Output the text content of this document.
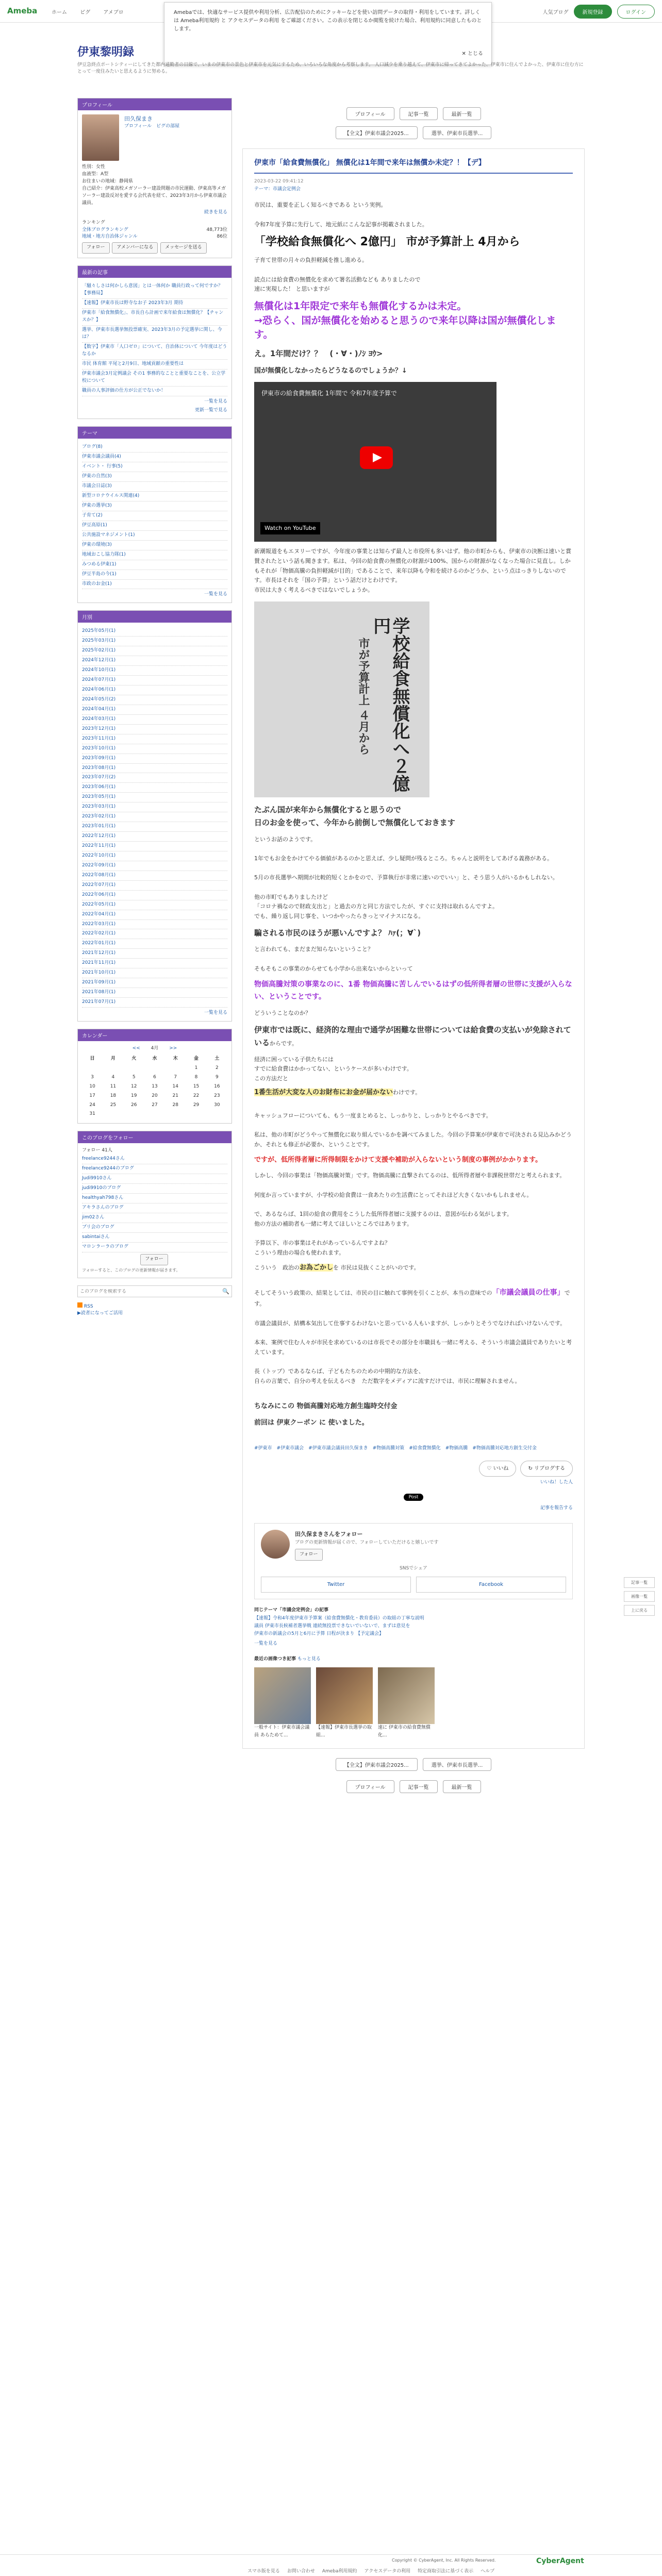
Ameba	ホーム	ピグ	アメブロ	人気ブログ	新規登録	ログイン
Amebaでは、快適なサービス提供や利用分析、広告配信のためにクッキーなどを使い訪問データの取得・利用をしています。詳しくは Ameba利用規約 と アクセスデータの利用 をご確認ください。この表示を閉じるか閲覧を続けた場合、利用規約に同意したものとします。
✕ とじる
伊東黎明録
伊豆急終点ポートシティーにしてきた都内通勤者の目線で、いまの伊東市の景色と伊東市を元気にするため、いろいろな角度から考察します。 人口減少を乗り越えて、伊東市に帰ってきてよかった、伊東市に住んでよかった、伊東市に住む方にとって一度住みたいと思えるように努める。
プロフィール
田久保まき
プロフィール　ピグの部屋
性別：女性
血液型：A型
お住まいの地域：静岡県
自己紹介：伊東高校メガソーラー建設問題の市民運動、伊東高等メガソーラー建設反対を愛する会代表を経て、2023年3月から伊東市議会議員。
続きを見る
ランキング
全体ブログランキング	48,773位
地域・地方自治体ジャンル	86位
フォロー	アメンバーになる	メッセージを送る
最新の記事
「騒々しさは何かしら意図」とは一体何か 職員行政って何ですか？【事務局】
【速報】伊東市長は野寺なお子 2023年3月 期待
伊東市「給食無償化」、市長自ら計画で来年給食は無償化？【チャンスか？】
選挙、伊東市長選挙無投票確実、2023年3月の予定選挙に関し、今は？
【数字】伊東市「人口ゼロ」について、自治体について 今年度はどうなるか
市民 体育館 平尾と2月9日、地域貢献の重要性は
伊東市議会3月定例議会 その1 事務的なことと重要なことを、公立学校について
職員の人事評価の仕方が公正でないか！
一覧を見る
更新一覧で見る
テーマ
ブログ(8)
伊東市議会議員(4)
イベント・ 行事(5)
伊東の自然(3)
市議会日誌(3)
新型コロナウイルス関連(4)
伊東の選挙(3)
子育て(2)
伊豆高原(1)
公共施設マネジメント(1)
伊東の環境(3)
地域おこし協力隊(1)
みつめる伊東(1)
伊豆半島の今(1)
市政のお金(1)
一覧を見る
月別
2025年05月(1)
2025年03月(1)
2025年02月(1)
2024年12月(1)
2024年10月(1)
2024年07月(1)
2024年06月(1)
2024年05月(2)
2024年04月(1)
2024年03月(1)
2023年12月(1)
2023年11月(1)
2023年10月(1)
2023年09月(1)
2023年08月(1)
2023年07月(2)
2023年06月(1)
2023年05月(1)
2023年03月(1)
2023年02月(1)
2023年01月(1)
2022年12月(1)
2022年11月(1)
2022年10月(1)
2022年09月(1)
2022年08月(1)
2022年07月(1)
2022年06月(1)
2022年05月(1)
2022年04月(1)
2022年03月(1)
2022年02月(1)
2022年01月(1)
2021年12月(1)
2021年11月(1)
2021年10月(1)
2021年09月(1)
2021年08月(1)
2021年07月(1)
一覧を見る
カレンダー
<< 4月 >>
日	月	火	水	木	金	土
					1	2
3	4	5	6	7	8	9
10	11	12	13	14	15	16
17	18	19	20	21	22	23
24	25	26	27	28	29	30
31						
このブログをフォロー
フォロー 41人
freelance9244さん
freelance9244のブログ
Judi9910さん
judi9910のブログ
healthyah798さん
アキラさんのブログ
jim02さん
ブリ会のブログ
sabintaiさん
マロンラーラのブログ
フォロー
フォローすると、このブログの更新情報が届きます。
このブログを検索する
🔍
RSS
▶︎読者になってご活用
プロフィール	記事一覧	最新一覧
【全文】伊東市議会2025...	選挙、伊東市長選挙...
伊東市「給食費無償化」 無償化は1年間で来年は無償か未定？！【デ】
2023-03-22 09:41:12
テーマ：市議会定例会

市民は、重要を正しく知るべきである という実例。

令和7年度予算に先行して、地元紙にこんな記事が掲載されました。

「学校給食無償化へ 2億円」 市が予算計上 4月から

子育て世帯の月々の負担軽減を推し進める。

読点には給食費の無償化を求めて署名活動なども ありましたので

速に実現した！ と思いますが

無償化は1年限定で来年も無償化するかは未定。
→恐らく、国が無償化を始めると思うので来年以降は国が無償化します。
え。1年間だけ？？　(・∀・)ﾉｼ ﾖｳ>
国が無償化しなかったらどうなるのでしょうか？↓
伊東市の給食費無償化 1年間で 令和7年度予算で
Watch on YouTube

新潮報道をもエヌリーですが、今年度の事業とは知らず最人と市役所も多いはず。他の市町からも、伊東市の決断は速いと賞賛されたという話も聞きます。私は、今回の給食費の無償化の財源が100%、国からの財源がなくなった場合に見直し。しかもそれが「物価高騰の負担軽減が目的」であることで、来年以降も令和を続けるのかどうか、という点はっきりしないのです。市長はそれを「国の予算」という話だけとわけです。

市民は大きく考えるべきではないでしょうか。

学校給食無償化へ２億円
市が予算計上 ４月から
たぶん国が来年から無償化すると思うので
日のお金を使って、今年から前倒しで無償化しておきます

というお話のようです。

1年でもお金をかけてやる価値があるのかと思えば、少し疑問が残るところ。ちゃんと説明をしてあげる義務がある。

5月の市長選挙へ期間が比較的短くとかをので、予算執行が非常に速いのでいい」と、そう思う人がいるかもしれない。

他の市町でもありましたけど
「コロナ禍なので財政支出と」と過去の方と同じ方法でしたが、すぐに支持は取れるんですよ。
でも、繰り返し同じ事を、いつかやったらきっとマイナスになる。

騙される市民のほうが悪いんですよ？ ﾊｧ(；∀`)

と言われても、まだまだ知らないということ？

そもそもこの事業のからせても小学から出来ないからといって

物価高騰対策の事業なのに、1番 物価高騰に苦しんでいるはずの低所得者層の世帯に支援が入らない、ということです。

どういうことなのか？

伊東市では既に、経済的な理由で通学が困難な世帯については給食費の支払いが免除されているからです。

経済に困っている子供たちには
すでに給食費はかかってない、というケースが多いわけです。
この方法だと

1番生活が大変な人のお財布にお金が届かないわけです。

キャッシュフローについても、もう一度まとめると、しっかりと、しっかりとやるべきです。

私は、他の市町がどうやって無償化に取り組んでいるかを調べてみました。今回の予算案が伊東市で可決される見込みかどうか、それとも修正が必要か、ということです。

ですが、低所得者層に所得制限をかけて支援や補助が入らないという制度の事例がかかります。

しかし、今回の事業は「物価高騰対策」です。物価高騰に直撃されてるのは、低所得者層や非課税世帯だと考えられます。

何度か言っていますが、小学校の給食費は一食あたりの生活費にとってそれほど大きくないかもしれません。

で、あるならば、1回の給食の費用をこうした低所得者層に支援するのは、意図が伝わる気がします。
他の方法の補助者も一緒に考えてほしいところではあります。

予算以下、市の事業はそれがあっているんですよね？
こういう理由の場合も使われます。

こういう　政治のお為ごかしを 市民は見抜くことがいのです。

そしてそういう政策の、結果としては、市民の目に触れて事例を引くことが、本当の意味での「市議会議員の仕事」です。

市議会議員が、結構本気出して仕事するわけないと思っている人もいますが、しっかりとそうでなければいけないんです。

本来、案例で住む人々が市民を求めているのは市長でその部分を市職員も一緒に考える、そういう市議会議員でありたいと考えています。

長（トップ）であるならば、子どもたちのための中期的な方法を、
自らの言葉で、自分の考えを伝えるべき　ただ数字をメディアに流すだけでは、市民に理解されません。

ちなみにこの 物価高騰対応地方創生臨時交付金
前回は 伊東クーポン に 使いました。
#伊東市　#伊東市議会　#伊東市議会議員田久保まき　#物価高騰対策　#給食費無償化　#物価高騰　#物価高騰対応地方創生交付金　
♡ いいね	↻ リブログする
いいね！した人
Post
記事を報告する
田久保まきさんをフォロー
ブログの更新情報が届くので、フォローしていただけると嬉しいです
フォロー
SNSでシェア
Twitter	Facebook
同じテーマ「市議会定例会」の記事
【速報】令和4年度伊東市予算案（給食費無償化・教育委員）の取組の丁寧な説明
議員 伊東市長候補者選挙戦 連続無投票できないでいないで、まずは意見を
伊東市の新議会の5月と6月に予算 日程が決まり 【予定議会】
一覧を見る
最近の画像つき記事 もっと見る
一般サイト：伊東市議会議員 あらためて...
【速報】伊東市長選挙の取組...
速に 伊東市の給食費無償化...
【全文】伊東市議会2025...	選挙、伊東市長選挙...
プロフィール	記事一覧	最新一覧
記事一覧
画像一覧
上に戻る
スマホ版を見る お問い合わせ Ameba利用規約 アクセスデータの利用 特定商取引法に基づく表示 ヘルプ
Copyright © CyberAgent, Inc. All Rights Reserved.	CyberAgent
